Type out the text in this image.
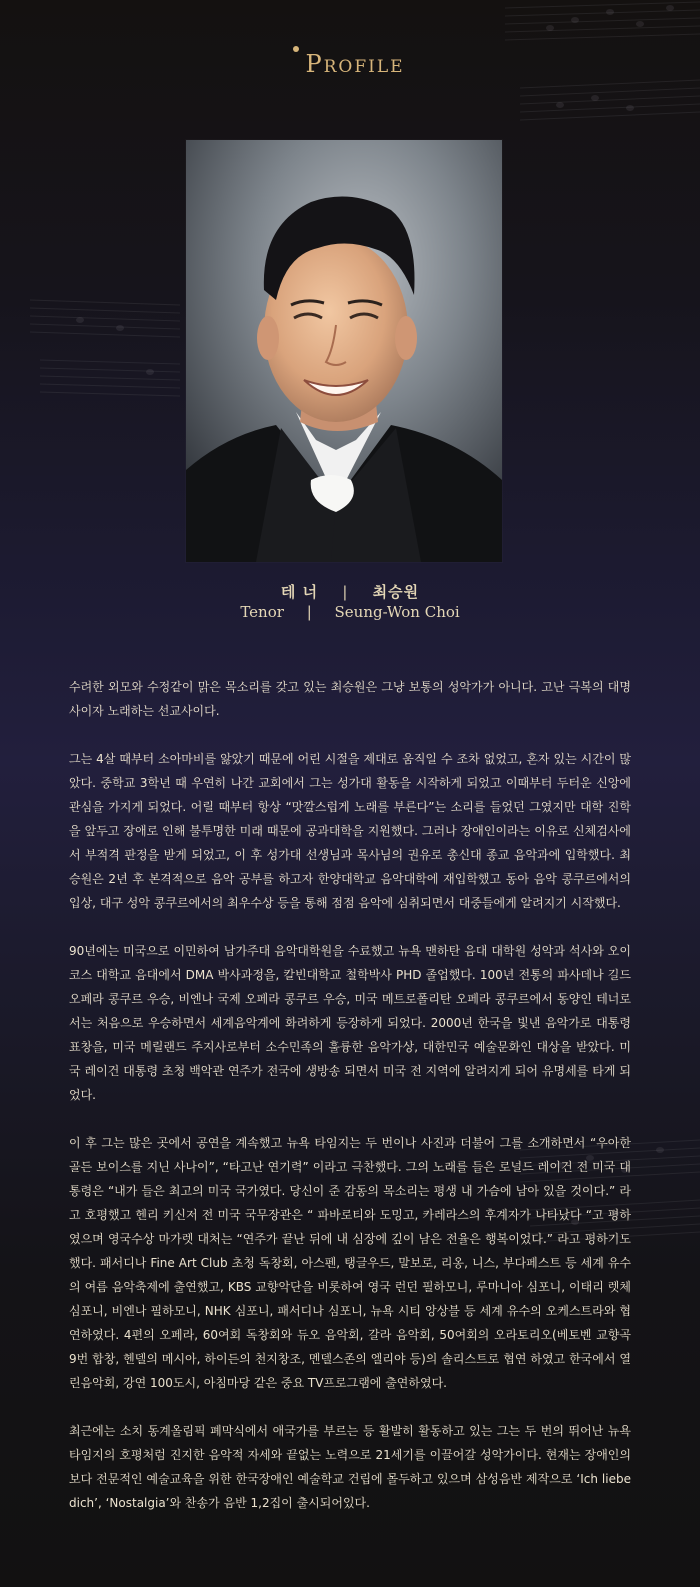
Profile
테 너 | 최승원
Tenor | Seung-Won Choi

수려한 외모와 수정같이 맑은 목소리를 갖고 있는 최승원은 그냥 보통의 성악가가 아니다. 고난 극복의 대명사이자 노래하는 선교사이다.

그는 4살 때부터 소아마비를 앓았기 때문에 어린 시절을 제대로 움직일 수 조차 없었고, 혼자 있는 시간이 많았다. 중학교 3학년 때 우연히 나간 교회에서 그는 성가대 활동을 시작하게 되었고 이때부터 두터운 신앙에 관심을 가지게 되었다. 어릴 때부터 항상 “맛깔스럽게 노래를 부른다”는 소리를 들었던 그였지만 대학 진학을 앞두고 장애로 인해 불투명한 미래 때문에 공과대학을 지원했다. 그러나 장애인이라는 이유로 신체검사에서 부적격 판정을 받게 되었고, 이 후 성가대 선생님과 목사님의 권유로 총신대 종교 음악과에 입학했다. 최승원은 2년 후 본격적으로 음악 공부를 하고자 한양대학교 음악대학에 재입학했고 동아 음악 콩쿠르에서의 입상, 대구 성악 콩쿠르에서의 최우수상 등을 통해 점점 음악에 심취되면서 대중들에게 알려지기 시작했다.

90년에는 미국으로 이민하여 남가주대 음악대학원을 수료했고 뉴욕 맨하탄 음대 대학원 성악과 석사와 오이코스 대학교 음대에서 DMA 박사과정을, 칼빈대학교 철학박사 PHD 졸업했다. 100년 전통의 파사데나 길드 오페라 콩쿠르 우승, 비엔나 국제 오페라 콩쿠르 우승, 미국 메트로폴리탄 오페라 콩쿠르에서 동양인 테너로서는 처음으로 우승하면서 세계음악계에 화려하게 등장하게 되었다. 2000년 한국을 빛낸 음악가로 대통령 표창을, 미국 메릴랜드 주지사로부터 소수민족의 훌륭한 음악가상, 대한민국 예술문화인 대상을 받았다. 미국 레이건 대통령 초청 백악관 연주가 전국에 생방송 되면서 미국 전 지역에 알려지게 되어 유명세를 타게 되었다.

이 후 그는 많은 곳에서 공연을 계속했고 뉴욕 타임지는 두 번이나 사진과 더불어 그를 소개하면서 “우아한 골든 보이스를 지닌 사나이”, “타고난 연기력” 이라고 극찬했다. 그의 노래를 들은 로널드 레이건 전 미국 대통령은 “내가 들은 최고의 미국 국가였다. 당신이 준 감동의 목소리는 평생 내 가슴에 남아 있을 것이다.” 라고 호평했고 헨리 키신저 전 미국 국무장관은 “ 파바로티와 도밍고, 카레라스의 후계자가 나타났다 “고 평하였으며 영국수상 마가렛 대처는 “연주가 끝난 뒤에 내 심장에 깊이 남은 전율은 행복이었다.” 라고 평하기도 했다. 패서디나 Fine Art Club 초청 독창회, 아스펜, 탱글우드, 말보로, 리옹, 니스, 부다페스트 등 세계 유수의 여름 음악축제에 출연했고, KBS 교향악단을 비롯하여 영국 런던 필하모니, 루마니아 심포니, 이태리 렛체 심포니, 비엔나 필하모니, NHK 심포니, 패서디나 심포니, 뉴욕 시티 앙상블 등 세계 유수의 오케스트라와 협연하였다. 4편의 오페라, 60여회 독창회와 듀오 음악회, 갈라 음악회, 50여회의 오라토리오(베토벤 교향곡 9번 합창, 헨델의 메시아, 하이든의 천지창조, 멘델스존의 엘리야 등)의 솔리스트로 협연 하였고 한국에서 열린음악회, 강연 100도시, 아침마당 같은 중요 TV프로그램에 출연하였다.

최근에는 소치 동계올림픽 폐막식에서 애국가를 부르는 등 활발히 활동하고 있는 그는 두 번의 뛰어난 뉴욕타임지의 호평처럼 진지한 음악적 자세와 끝없는 노력으로 21세기를 이끌어갈 성악가이다. 현재는 장애인의 보다 전문적인 예술교육을 위한 한국장애인 예술학교 건립에 몰두하고 있으며 삼성음반 제작으로 ‘Ich liebe dich’, ‘Nostalgia’와 찬송가 음반 1,2집이 출시되어있다.
